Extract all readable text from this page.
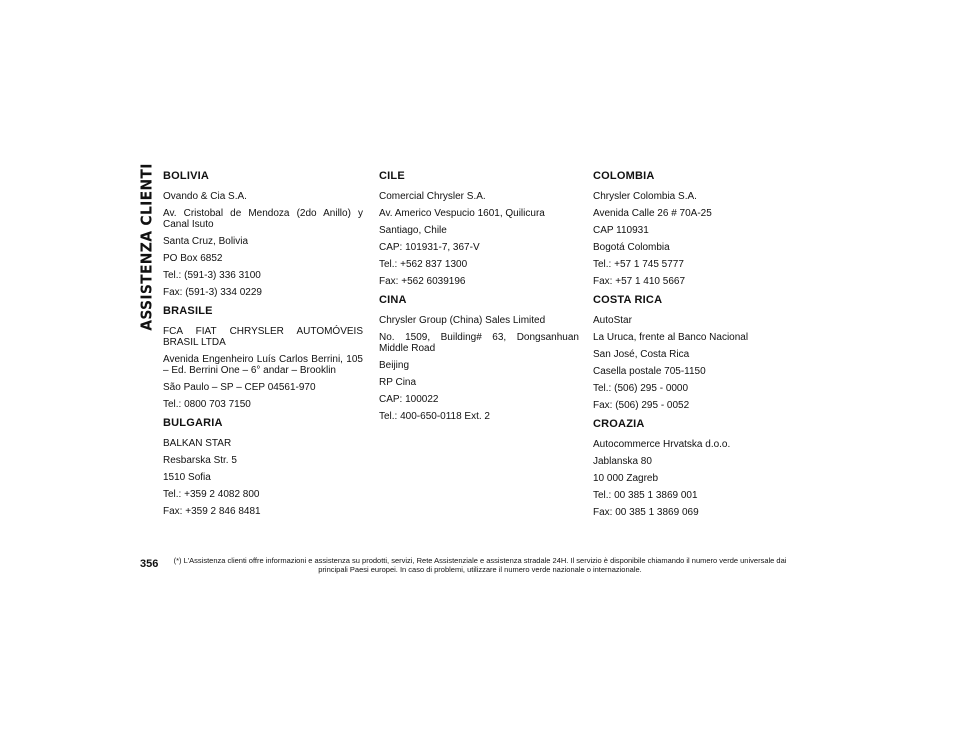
ASSISTENZA CLIENTI BOLIVIA

Ovando & Cia S.A.

Av. Cristobal de Mendoza (2do Anillo) y Canal Isuto

Santa Cruz, Bolivia

PO Box 6852

Tel.: (591-3) 336 3100

Fax: (591-3) 334 0229

BRASILE

FCA FIAT CHRYSLER AUTOMÓVEIS BRASIL LTDA

Avenida Engenheiro Luís Carlos Berrini, 105 – Ed. Berrini One – 6° andar – Brooklin

São Paulo – SP – CEP 04561-970

Tel.: 0800 703 7150

BULGARIA

BALKAN STAR

Resbarska Str. 5

1510 Sofia

Tel.: +359 2 4082 800

Fax: +359 2 846 8481

CILE

Comercial Chrysler S.A.

Av. Americo Vespucio 1601, Quilicura

Santiago, Chile

CAP: 101931-7, 367-V

Tel.: +562 837 1300

Fax: +562 6039196

CINA

Chrysler Group (China) Sales Limited

No. 1509, Building# 63, Dongsanhuan Middle Road

Beijing

RP Cina

CAP: 100022

Tel.: 400-650-0118 Ext. 2

COLOMBIA

Chrysler Colombia S.A.

Avenida Calle 26 # 70A-25

CAP 110931

Bogotá Colombia

Tel.: +57 1 745 5777

Fax: +57 1 410 5667

COSTA RICA

AutoStar

La Uruca, frente al Banco Nacional

San José, Costa Rica

Casella postale 705-1150

Tel.: (506) 295 - 0000

Fax: (506) 295 - 0052

CROAZIA

Autocommerce Hrvatska d.o.o.

Jablanska 80

10 000 Zagreb

Tel.: 00 385 1 3869 001

Fax: 00 385 1 3869 069

356	(*) L'Assistenza clienti offre informazioni e assistenza su prodotti, servizi, Rete Assistenziale e assistenza stradale 24H. Il servizio è disponibile chiamando il numero verde universale dai principali Paesi europei. In caso di problemi, utilizzare il numero verde nazionale o internazionale.
